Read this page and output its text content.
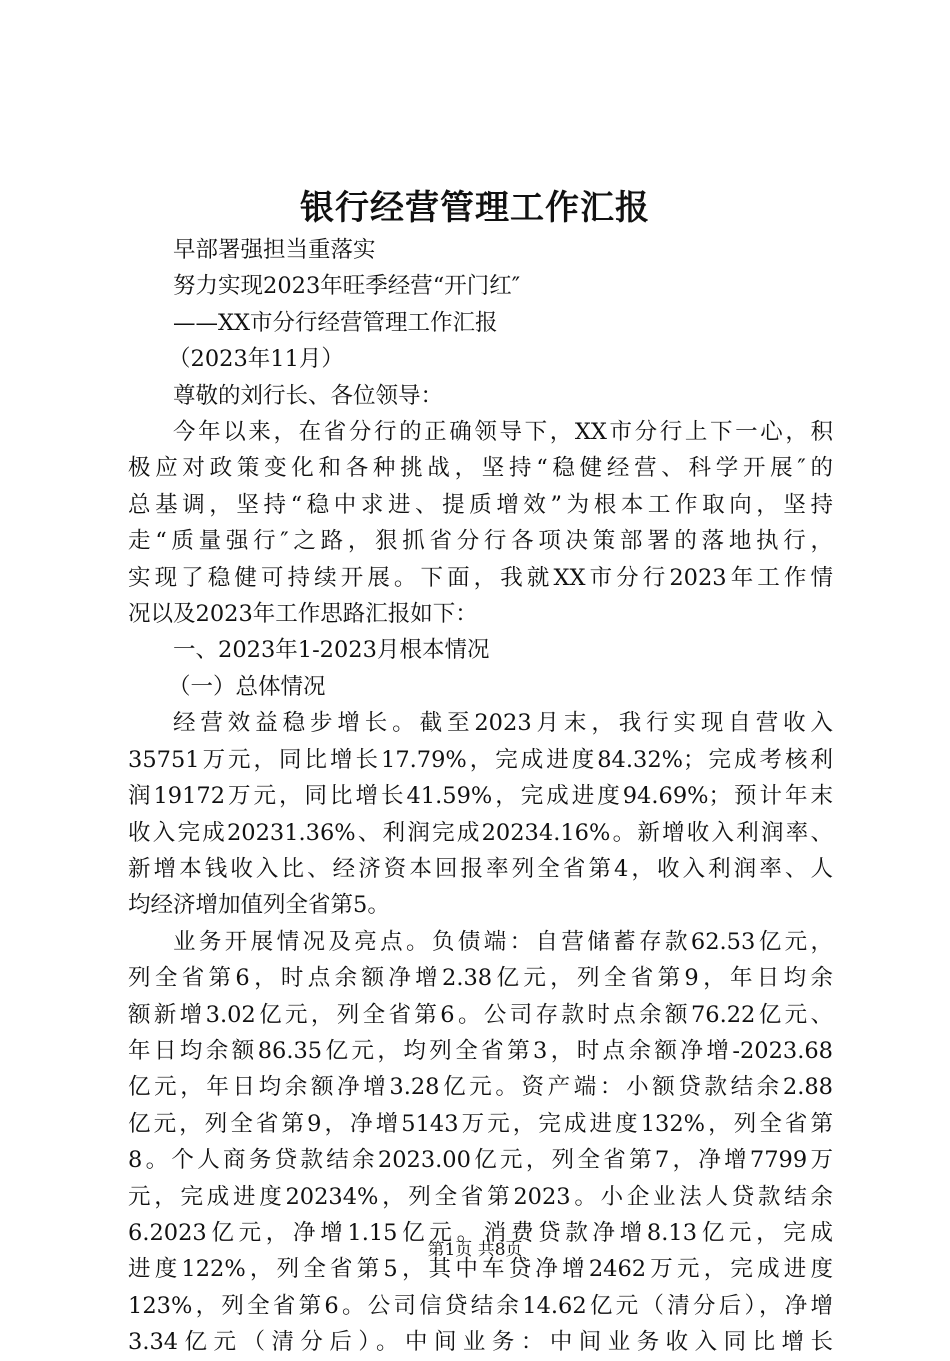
银行经营管理工作汇报
早部署强担当重落实
努力实现2023年旺季经营“开门红″
——XX市分行经营管理工作汇报
（2023年11月）
尊敬的刘行长、各位领导：
今年以来，在省分行的正确领导下，XX市分行上下一心，积
极应对政策变化和各种挑战，坚持“稳健经营、科学开展″的
总基调，坚持“稳中求进、提质增效”为根本工作取向，坚持
走“质量强行″之路，狠抓省分行各项决策部署的落地执行，
实现了稳健可持续开展。下面，我就XX市分行2023年工作情
况以及2023年工作思路汇报如下：
一、2023年1-2023月根本情况
（一）总体情况
经营效益稳步增长。截至2023月末，我行实现自营收入
35751万元，同比增长17.79%，完成进度84.32%；完成考核利
润19172万元，同比增长41.59%，完成进度94.69%；预计年末
收入完成20231.36%、利润完成20234.16%。新增收入利润率、
新增本钱收入比、经济资本回报率列全省第4，收入利润率、人
均经济增加值列全省第5。
业务开展情况及亮点。负债端：自营储蓄存款62.53亿元，
列全省第6，时点余额净增2.38亿元，列全省第9，年日均余
额新增3.02亿元，列全省第6。公司存款时点余额76.22亿元、
年日均余额86.35亿元，均列全省第3，时点余额净增-2023.68
亿元，年日均余额净增3.28亿元。资产端：小额贷款结余2.88
亿元，列全省第9，净增5143万元，完成进度132%，列全省第
8。个人商务贷款结余2023.00亿元，列全省第7，净增7799万
元，完成进度20234%，列全省第2023。小企业法人贷款结余
6.2023亿元，净增1.15亿元。消费贷款净增8.13亿元，完成
进度122%，列全省第5，其中车贷净增2462万元，完成进度
123%，列全省第6。公司信贷结余14.62亿元（清分后），净增
3.34亿元（清分后）。中间业务：中间业务收入同比增长
第1页 共8页
